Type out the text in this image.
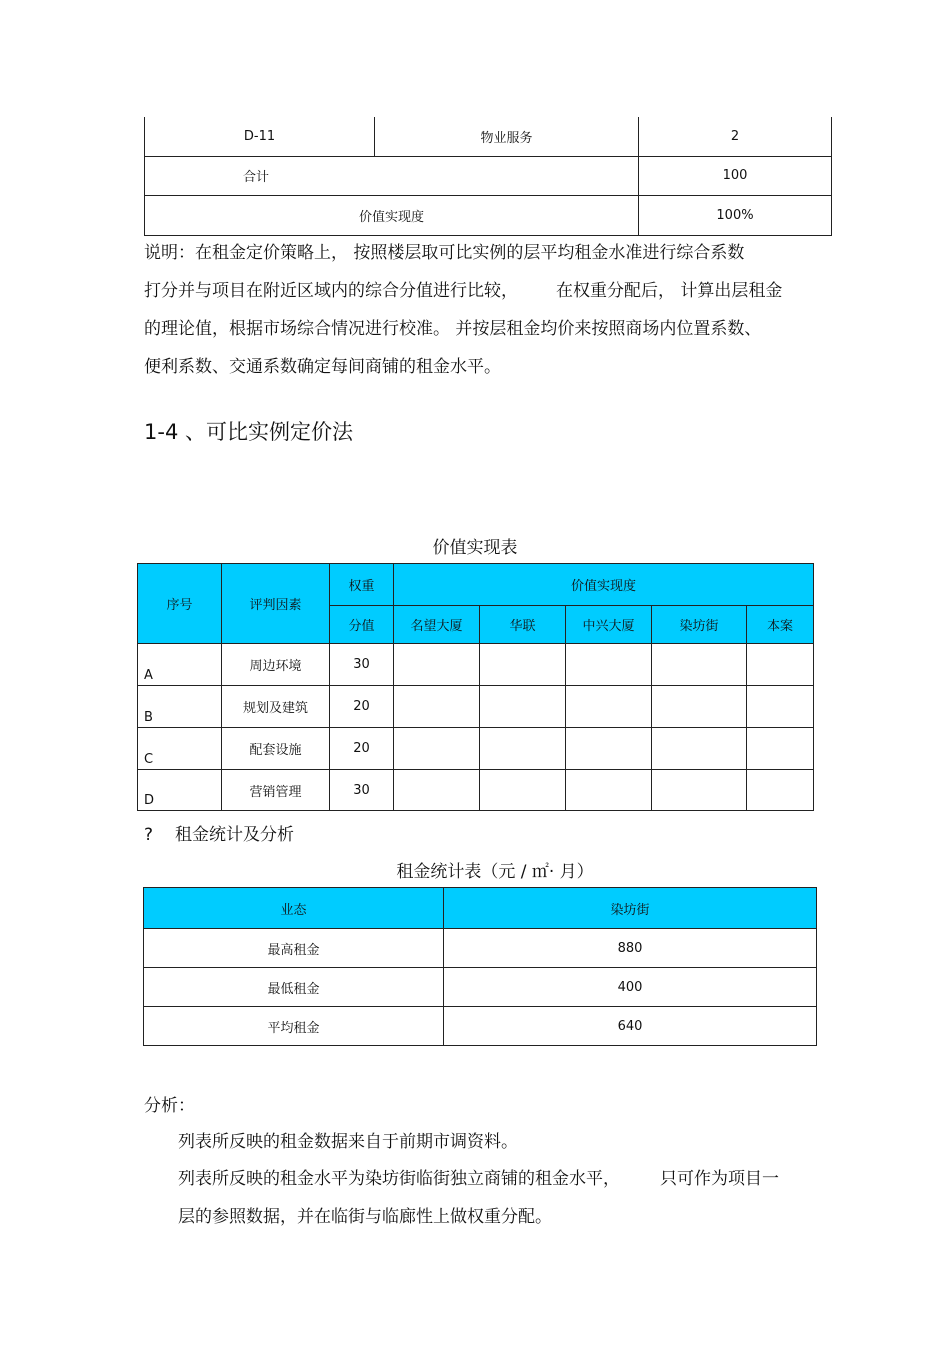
D-11	物业服务	2
合计		100
价值实现度		100%
说明：在租金定价策略上， 按照楼层取可比实例的层平均租金水准进行综合系数
打分并与项目在附近区域内的综合分值进行比较， 在权重分配后， 计算出层租金
的理论值，根据市场综合情况进行校准。 并按层租金均价来按照商场内位置系数、
便利系数、交通系数确定每间商铺的租金水平。
1-4 、可比实例定价法
价值实现表
序号	评判因素	权重	价值实现度				
		分值	名望大厦	华联	中兴大厦	染坊街	本案
A	周边环境	30					
B	规划及建筑	20					
C	配套设施	20					
D	营销管理	30					
? 租金统计及分析
租金统计表（元 / ㎡· 月）
业态	染坊街
最高租金	880
最低租金	400
平均租金	640
分析：
列表所反映的租金数据来自于前期市调资料。
列表所反映的租金水平为染坊街临街独立商铺的租金水平， 只可作为项目一
层的参照数据，并在临街与临廊性上做权重分配。
